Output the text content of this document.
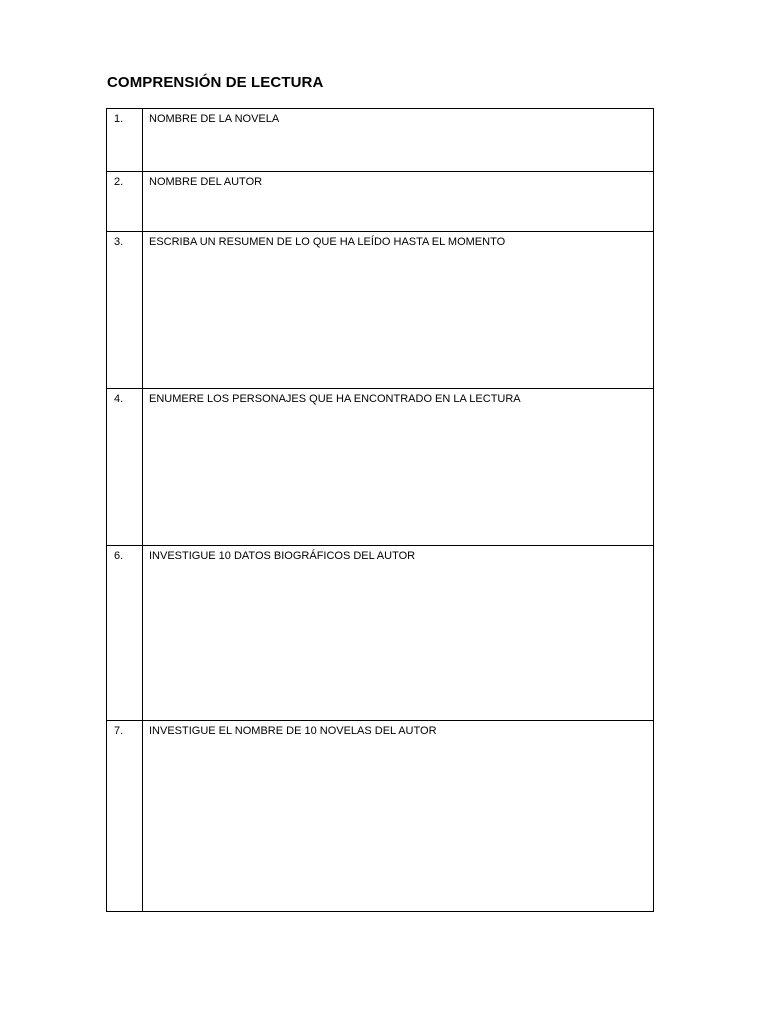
COMPRENSIÓN DE LECTURA
1.	NOMBRE DE LA NOVELA

2.	NOMBRE DEL AUTOR

3.	ESCRIBA UN RESUMEN DE LO QUE HA LEÍDO HASTA EL MOMENTO

4.	ENUMERE LOS PERSONAJES QUE HA ENCONTRADO EN LA LECTURA

6.	INVESTIGUE 10 DATOS BIOGRÁFICOS DEL AUTOR

7.	INVESTIGUE EL NOMBRE DE 10 NOVELAS DEL AUTOR
